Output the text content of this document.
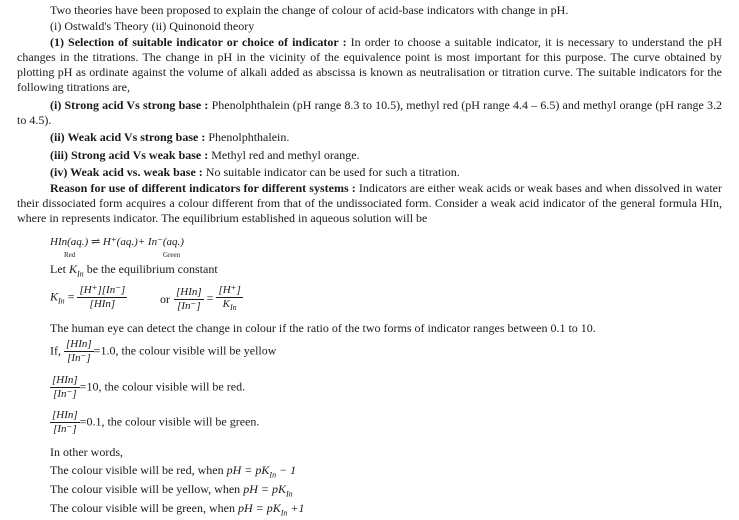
Two theories have been proposed to explain the change of colour of acid-base indicators with change in pH.
(i) Ostwald's Theory (ii) Quinonoid theory
(1) Selection of suitable indicator or choice of indicator : In order to choose a suitable indicator, it is necessary to understand the pH changes in the titrations. The change in pH in the vicinity of the equivalence point is most important for this purpose. The curve obtained by plotting pH as ordinate against the volume of alkali added as abscissa is known as neutralisation or titration curve. The suitable indicators for the following titrations are,
(i) Strong acid Vs strong base : Phenolphthalein (pH range 8.3 to 10.5), methyl red (pH range 4.4 – 6.5) and methyl orange (pH range 3.2 to 4.5).
(ii) Weak acid Vs strong base : Phenolphthalein.
(iii) Strong acid Vs weak base : Methyl red and methyl orange.
(iv) Weak acid vs. weak base : No suitable indicator can be used for such a titration.
Reason for use of different indicators for different systems : Indicators are either weak acids or weak bases and when dissolved in water their dissociated form acquires a colour different from that of the undissociated form. Consider a weak acid indicator of the general formula HIn, where in represents indicator. The equilibrium established in aqueous solution will be
HIn(aq.) ⇌ H⁺(aq.)+ In⁻(aq.)
Red	Green
Let $K_{In}$ be the equilibrium constant
$K_{In} = \frac{[H^+][In^-]}{\text{[HIn]}}$	or $\frac{\text{[HIn]}}{[In^-]} = \frac{[H^+]}{K_{In}}$
The human eye can detect the change in colour if the ratio of the two forms of indicator ranges between 0.1 to 10.
If, $\frac{\text{[HIn]}}{[In^-]} =1.0$, the colour visible will be yellow
$\frac{\text{[HIn]}}{[In^-]} =10$, the colour visible will be red.
$\frac{\text{[HIn]}}{[In^-]} =0.1$, the colour visible will be green.
In other words,
The colour visible will be red, when pH = $pK_{In} - 1$
The colour visible will be yellow, when pH = $pK_{In}$
The colour visible will be green, when pH = $pK_{In} +1$
